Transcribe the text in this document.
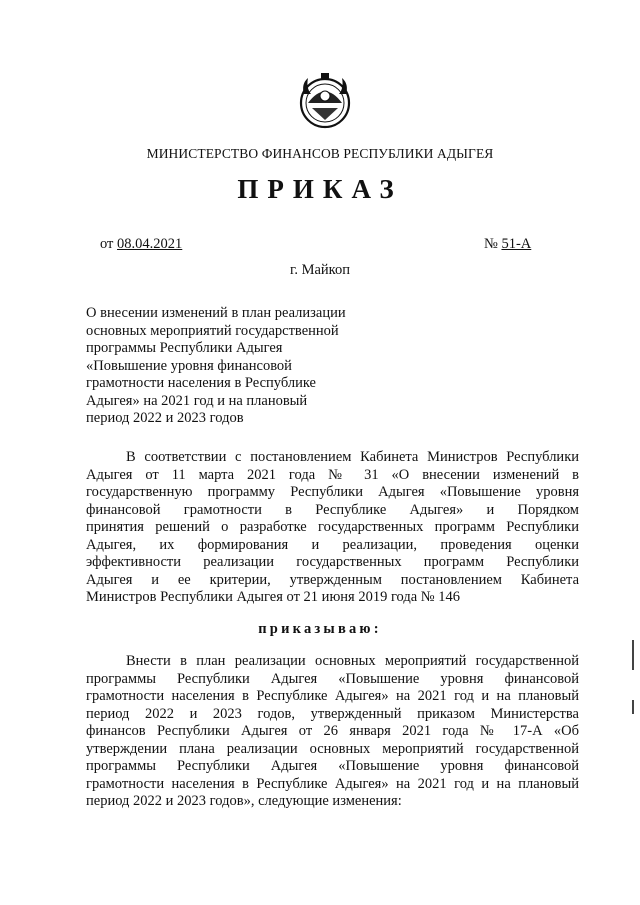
МИНИСТЕРСТВО ФИНАНСОВ РЕСПУБЛИКИ АДЫГЕЯ
ПРИКАЗ
от 08.04.2021	№ 51-А
г. Майкоп
О внесении изменений в план реализации
основных мероприятий государственной
программы Республики Адыгея
«Повышение уровня финансовой
грамотности населения в Республике
Адыгея» на 2021 год и на плановый
период 2022 и 2023 годов
В соответствии с постановлением Кабинета Министров Республики
Адыгея от 11 марта 2021 года № 31 «О внесении изменений в
государственную программу Республики Адыгея «Повышение уровня
финансовой грамотности в Республике Адыгея» и Порядком
принятия решений о разработке государственных программ Республики
Адыгея, их формирования и реализации, проведения оценки
эффективности реализации государственных программ Республики
Адыгея и ее критерии, утвержденным постановлением Кабинета
Министров Республики Адыгея от 21 июня 2019 года № 146
приказываю:
Внести в план реализации основных мероприятий государственной
программы Республики Адыгея «Повышение уровня финансовой
грамотности населения в Республике Адыгея» на 2021 год и на плановый
период 2022 и 2023 годов, утвержденный приказом Министерства
финансов Республики Адыгея от 26 января 2021 года № 17-А «Об
утверждении плана реализации основных мероприятий государственной
программы Республики Адыгея «Повышение уровня финансовой
грамотности населения в Республике Адыгея» на 2021 год и на плановый
период 2022 и 2023 годов», следующие изменения:
